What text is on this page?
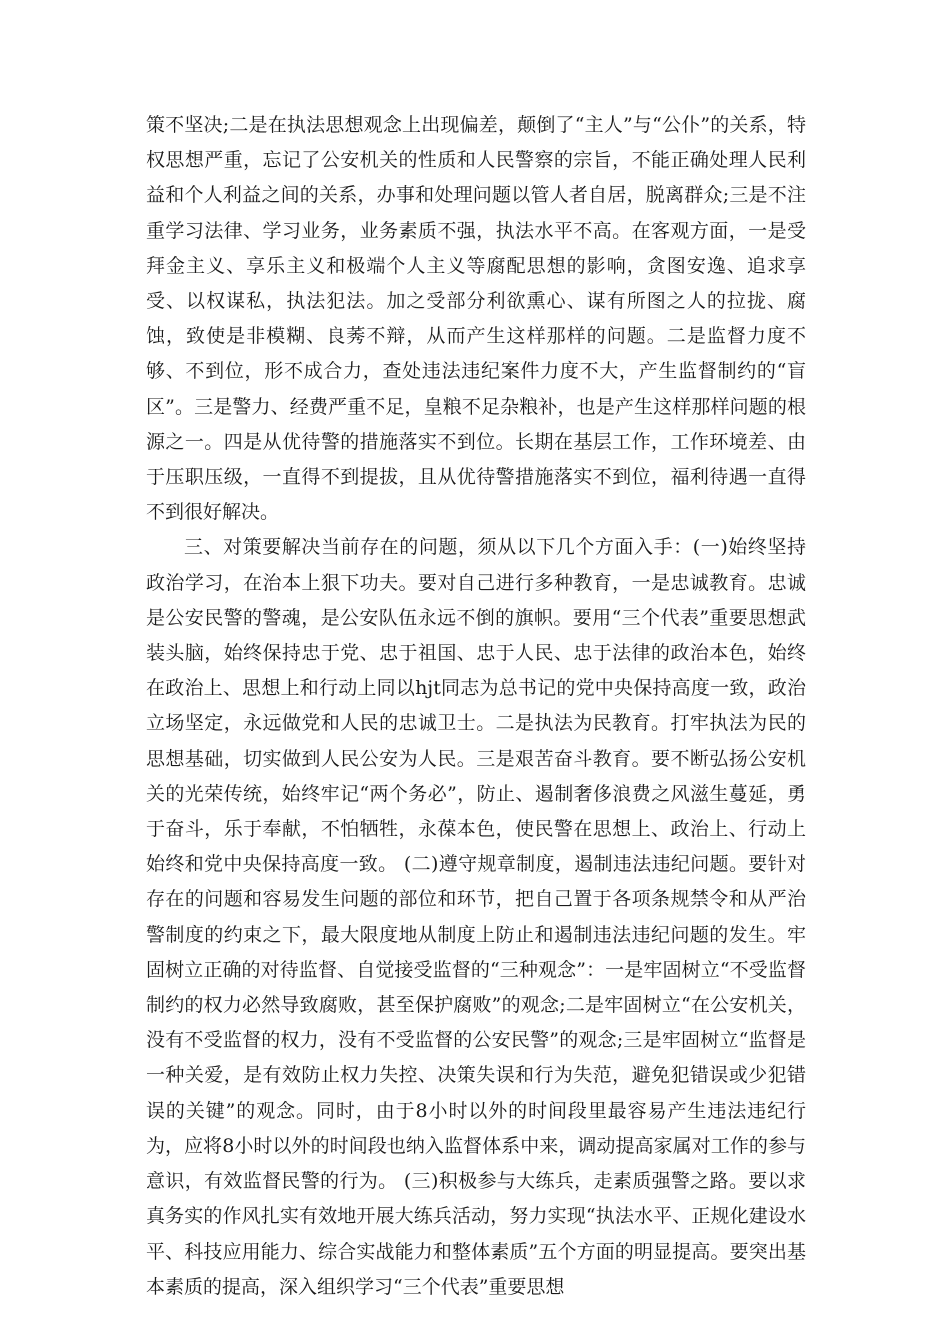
策不坚决;二是在执法思想观念上出现偏差，颠倒了“主人”与“公仆”的关系，特权思想严重，忘记了公安机关的性质和人民警察的宗旨，不能正确处理人民利益和个人利益之间的关系，办事和处理问题以管人者自居，脱离群众;三是不注重学习法律、学习业务，业务素质不强，执法水平不高。在客观方面，一是受拜金主义、享乐主义和极端个人主义等腐配思想的影响，贪图安逸、追求享受、以权谋私，执法犯法。加之受部分利欲熏心、谋有所图之人的拉拢、腐蚀，致使是非模糊、良莠不辩，从而产生这样那样的问题。二是监督力度不够、不到位，形不成合力，查处违法违纪案件力度不大，产生监督制约的“盲区”。三是警力、经费严重不足，皇粮不足杂粮补，也是产生这样那样问题的根源之一。四是从优待警的措施落实不到位。长期在基层工作，工作环境差、由于压职压级，一直得不到提拔，且从优待警措施落实不到位，福利待遇一直得不到很好解决。

三、对策要解决当前存在的问题，须从以下几个方面入手：(一)始终坚持政治学习，在治本上狠下功夫。要对自己进行多种教育，一是忠诚教育。忠诚是公安民警的警魂，是公安队伍永远不倒的旗帜。要用“三个代表”重要思想武装头脑，始终保持忠于党、忠于祖国、忠于人民、忠于法律的政治本色，始终在政治上、思想上和行动上同以hjt同志为总书记的党中央保持高度一致，政治立场坚定，永远做党和人民的忠诚卫士。二是执法为民教育。打牢执法为民的思想基础，切实做到人民公安为人民。三是艰苦奋斗教育。要不断弘扬公安机关的光荣传统，始终牢记“两个务必”，防止、遏制奢侈浪费之风滋生蔓延，勇于奋斗，乐于奉献，不怕牺牲，永葆本色，使民警在思想上、政治上、行动上始终和党中央保持高度一致。 (二)遵守规章制度，遏制违法违纪问题。要针对存在的问题和容易发生问题的部位和环节，把自己置于各项条规禁令和从严治警制度的约束之下，最大限度地从制度上防止和遏制违法违纪问题的发生。牢固树立正确的对待监督、自觉接受监督的“三种观念”：一是牢固树立“不受监督制约的权力必然导致腐败，甚至保护腐败”的观念;二是牢固树立“在公安机关，没有不受监督的权力，没有不受监督的公安民警”的观念;三是牢固树立“监督是一种关爱，是有效防止权力失控、决策失误和行为失范，避免犯错误或少犯错误的关键”的观念。同时，由于8小时以外的时间段里最容易产生违法违纪行为，应将8小时以外的时间段也纳入监督体系中来，调动提高家属对工作的参与意识，有效监督民警的行为。 (三)积极参与大练兵，走素质强警之路。要以求真务实的作风扎实有效地开展大练兵活动，努力实现“执法水平、正规化建设水平、科技应用能力、综合实战能力和整体素质”五个方面的明显提高。要突出基本素质的提高，深入组织学习“三个代表”重要思想
